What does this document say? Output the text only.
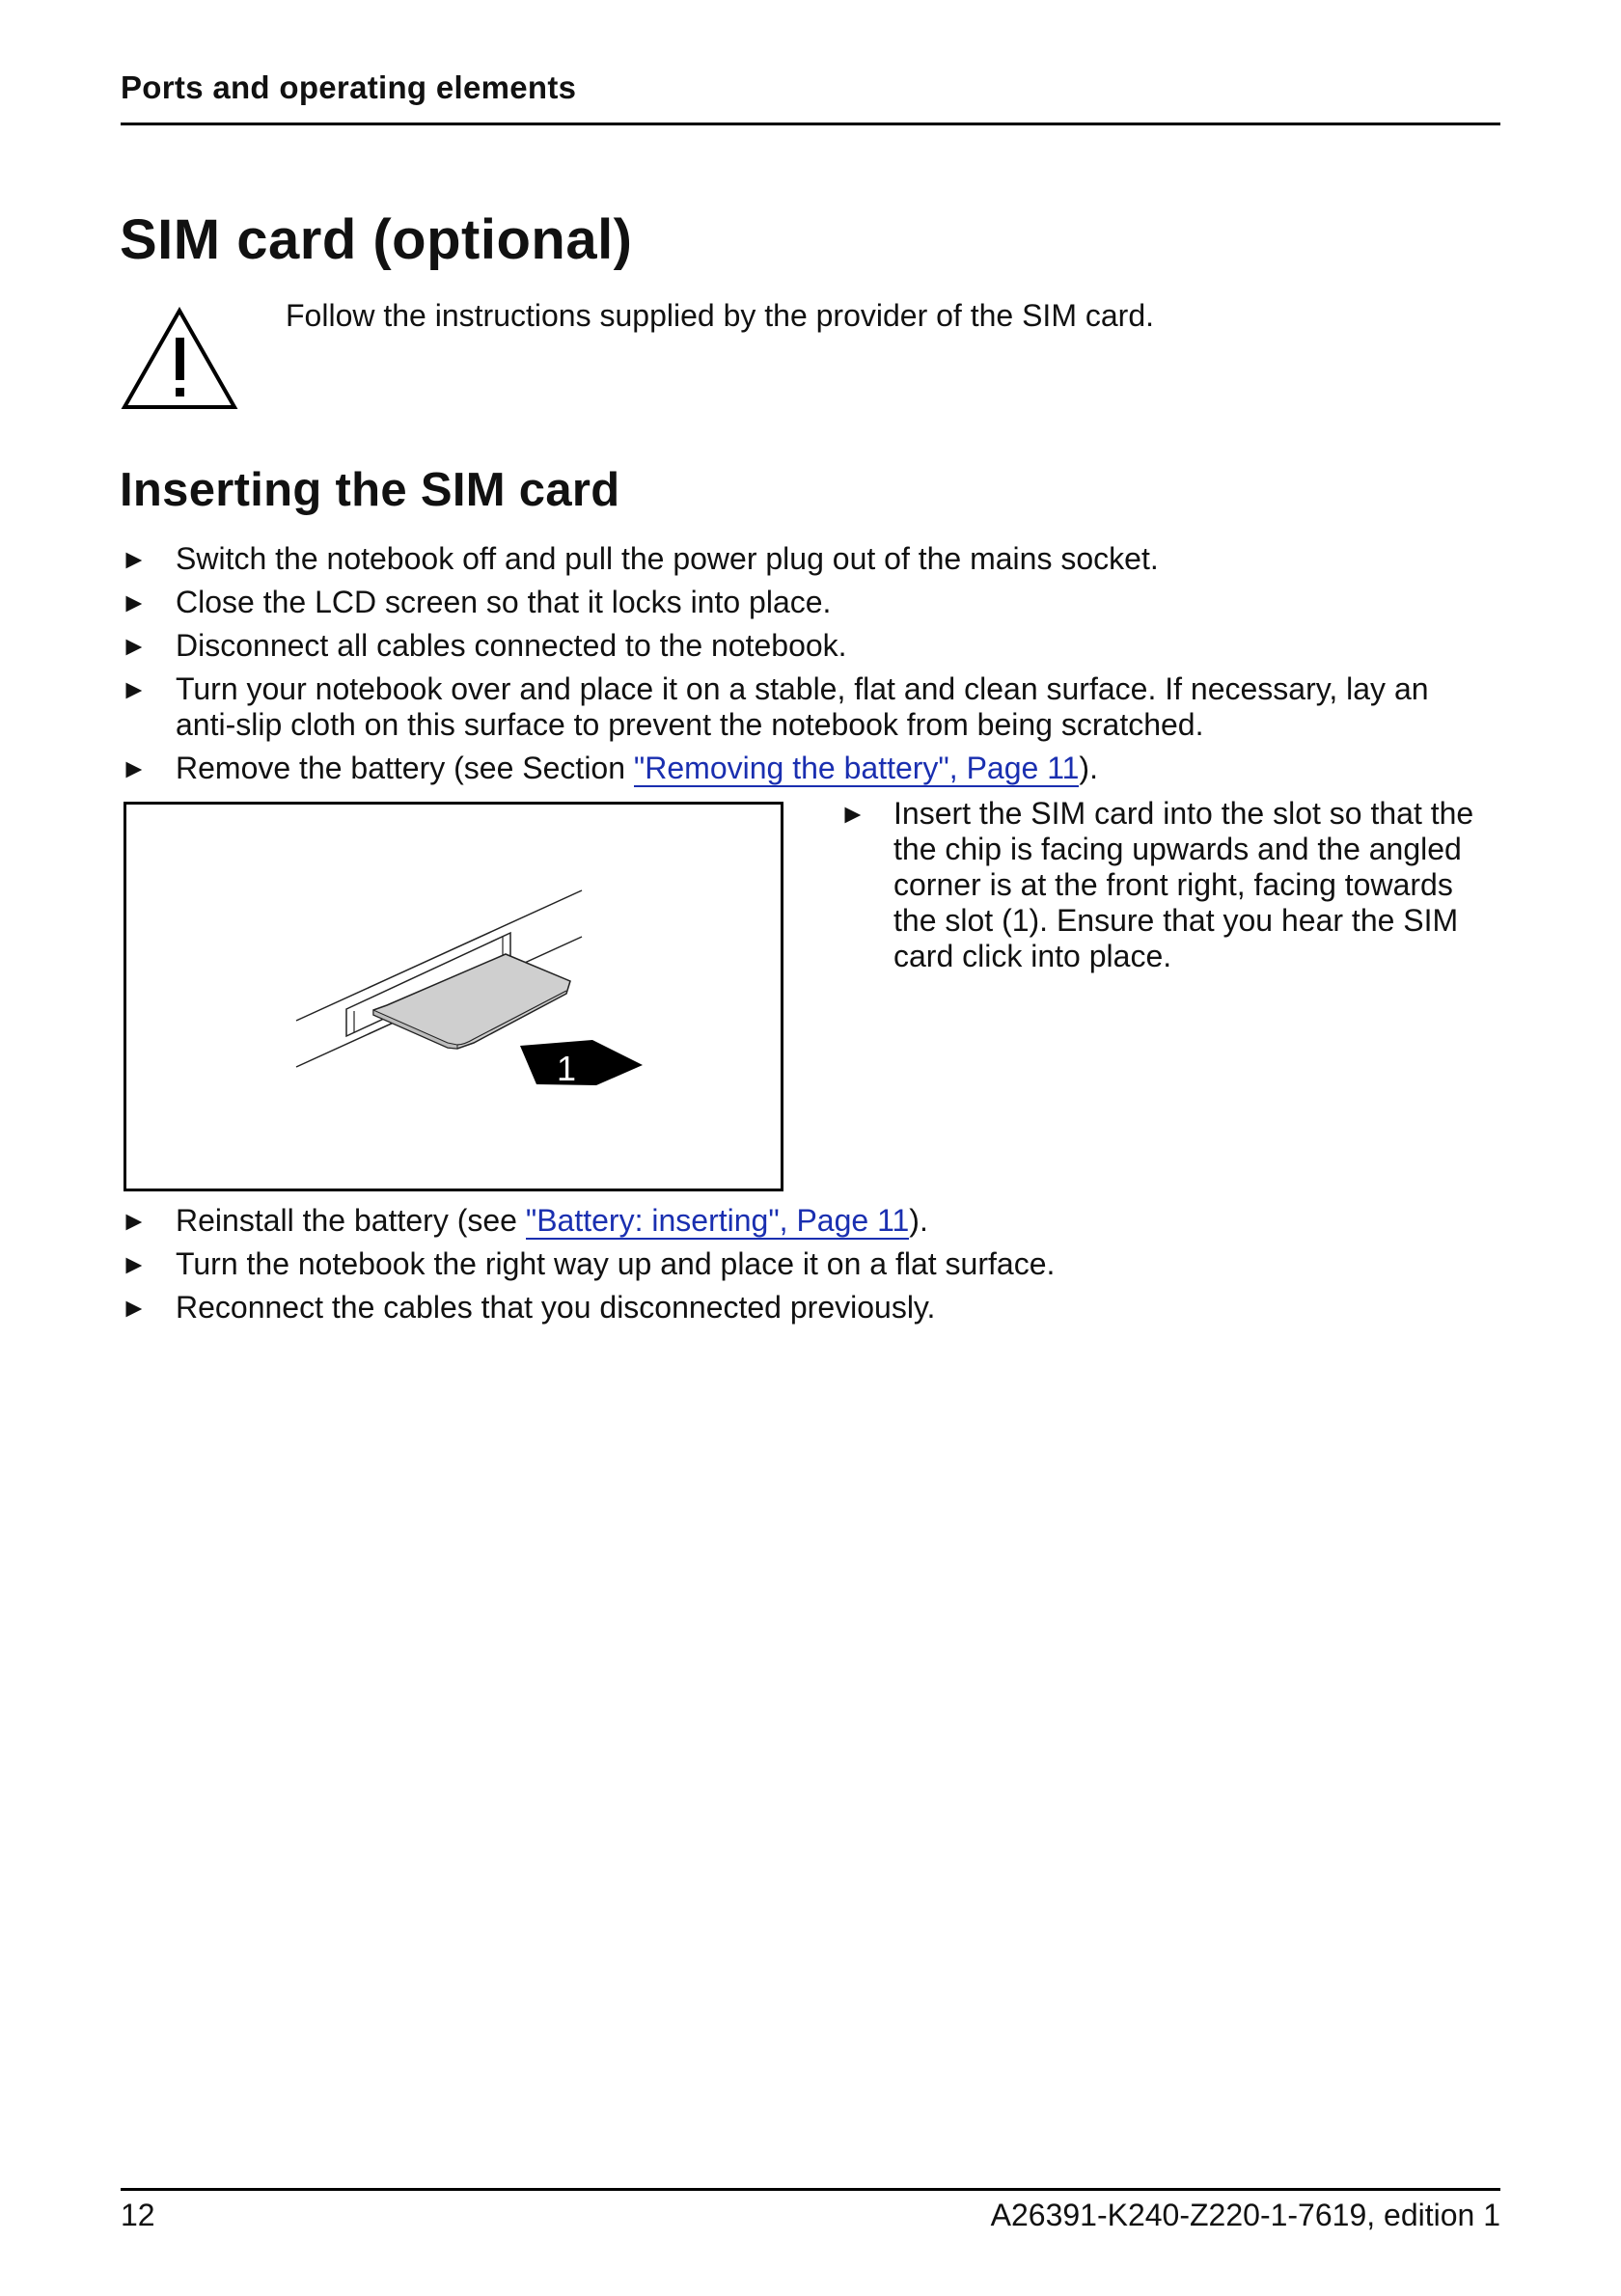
Ports and operating elements
SIM card (optional)
Follow the instructions supplied by the provider of the SIM card.
Inserting the SIM card
► Switch the notebook off and pull the power plug out of the mains socket.
► Close the LCD screen so that it locks into place.
► Disconnect all cables connected to the notebook.
► Turn your notebook over and place it on a stable, flat and clean surface. If necessary, lay an anti-slip cloth on this surface to prevent the notebook from being scratched.
► Remove the battery (see Section "Removing the battery", Page 11).
1
► Insert the SIM card into the slot so that the the chip is facing upwards and the angled corner is at the front right, facing towards the slot (1). Ensure that you hear the SIM card click into place.
► Reinstall the battery (see "Battery: inserting", Page 11).
► Turn the notebook the right way up and place it on a flat surface.
► Reconnect the cables that you disconnected previously.
12	A26391-K240-Z220-1-7619, edition 1
